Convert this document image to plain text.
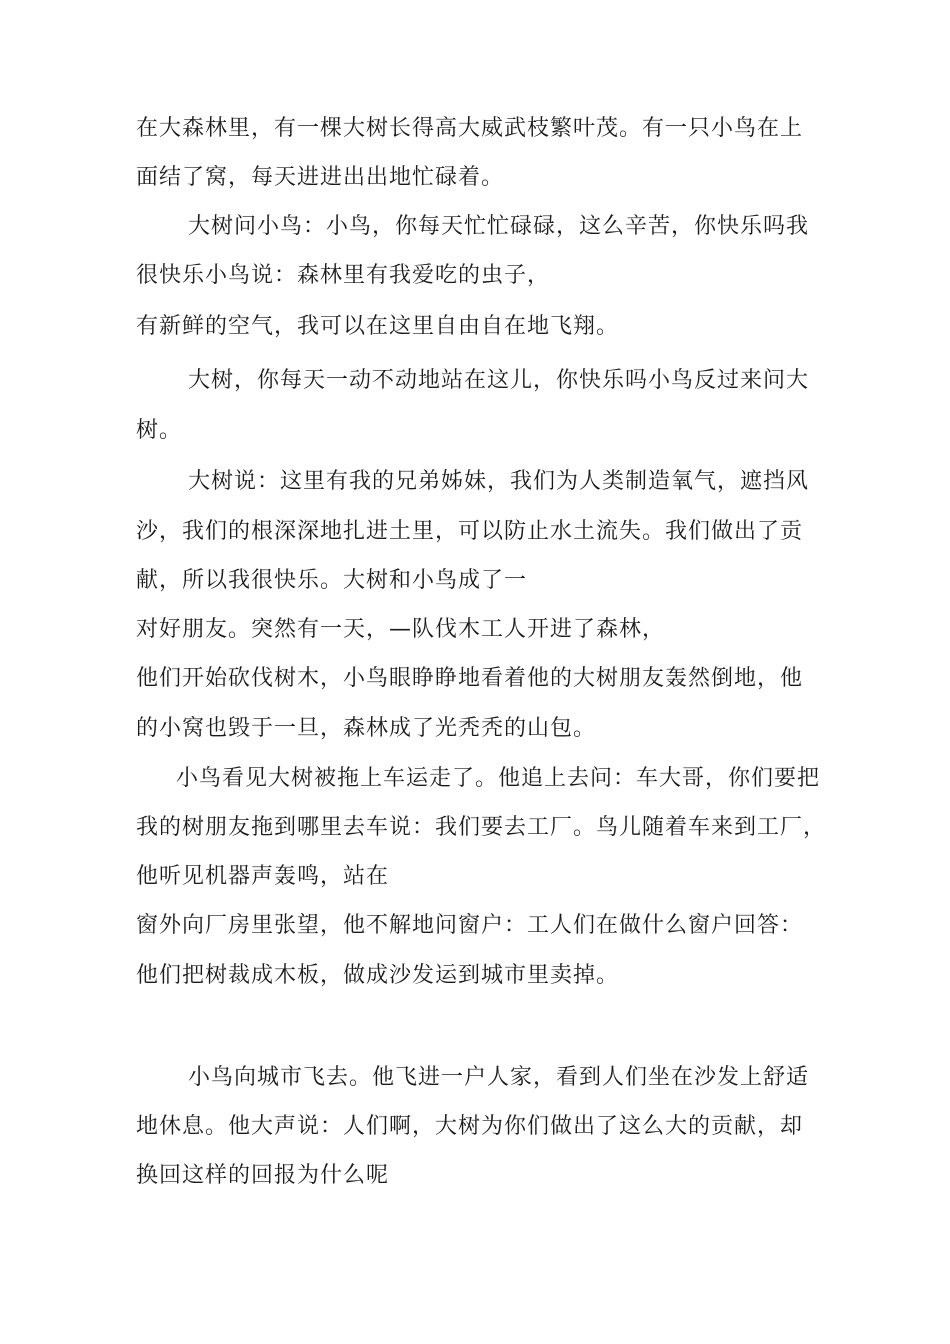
在大森林里，有一棵大树长得高大威武枝繁叶茂。有一只小鸟在上

面结了窝，每天进进出出地忙碌着。

大树问小鸟：小鸟，你每天忙忙碌碌，这么辛苦，你快乐吗我

很快乐小鸟说：森林里有我爱吃的虫子，

有新鲜的空气，我可以在这里自由自在地飞翔。

大树，你每天一动不动地站在这儿，你快乐吗小鸟反过来问大

树。

大树说：这里有我的兄弟姊妹，我们为人类制造氧气，遮挡风

沙，我们的根深深地扎进土里，可以防止水土流失。我们做出了贡

献，所以我很快乐。大树和小鸟成了一

对好朋友。突然有一天，—队伐木工人开进了森林，

他们开始砍伐树木，小鸟眼睁睁地看着他的大树朋友轰然倒地，他

的小窝也毁于一旦，森林成了光秃秃的山包。

小鸟看见大树被拖上车运走了。他追上去问：车大哥，你们要把

我的树朋友拖到哪里去车说：我们要去工厂。鸟儿随着车来到工厂，

他听见机器声轰鸣，站在

窗外向厂房里张望，他不解地问窗户：工人们在做什么窗户回答：

他们把树裁成木板，做成沙发运到城市里卖掉。

小鸟向城市飞去。他飞进一户人家，看到人们坐在沙发上舒适

地休息。他大声说：人们啊，大树为你们做出了这么大的贡献，却

换回这样的回报为什么呢
